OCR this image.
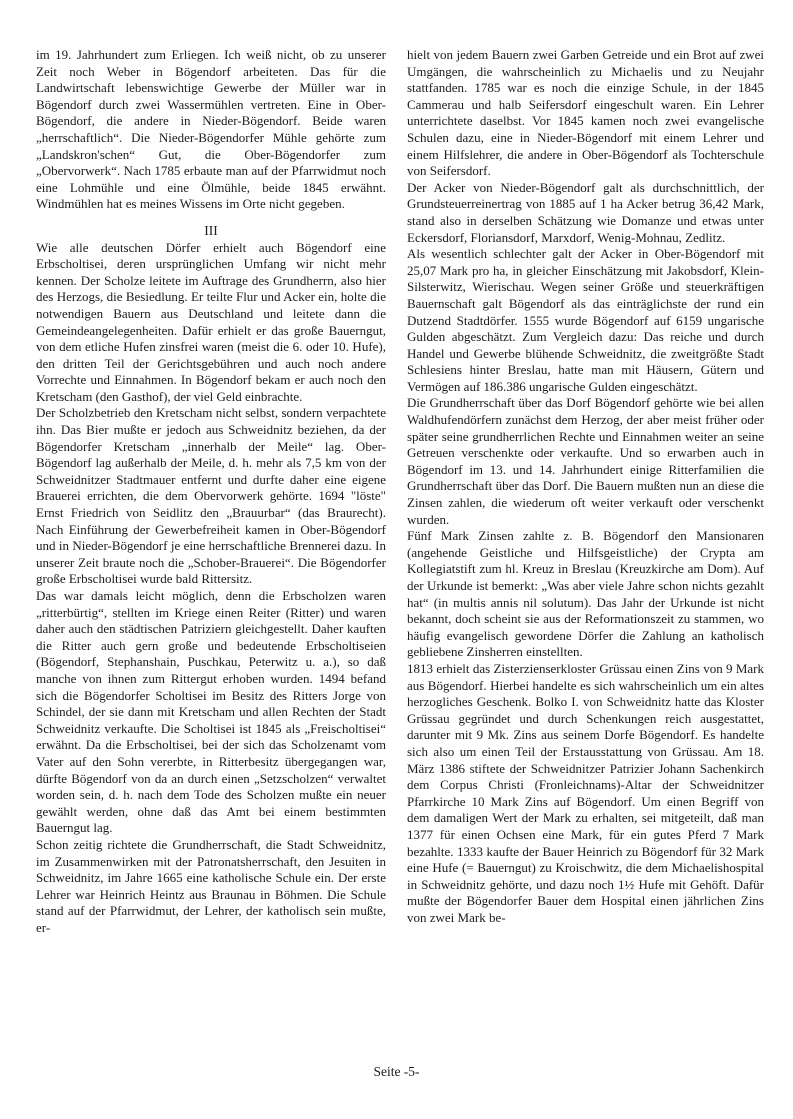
im 19. Jahrhundert zum Erliegen. Ich weiß nicht, ob zu unserer Zeit noch Weber in Bögendorf arbeiteten. Das für die Landwirtschaft lebenswichtige Gewerbe der Müller war in Bögendorf durch zwei Wassermühlen vertreten. Eine in Ober-Bögendorf, die andere in Nieder-Bögendorf. Beide waren „herrschaftlich“. Die Nieder-Bögendorfer Mühle gehörte zum „Landskron'schen“ Gut, die Ober-Bögendorfer zum „Obervorwerk“. Nach 1785 erbaute man auf der Pfarrwidmut noch eine Lohmühle und eine Ölmühle, beide 1845 erwähnt. Windmühlen hat es meines Wissens im Orte nicht gegeben.

III

Wie alle deutschen Dörfer erhielt auch Bögendorf eine Erbscholtisei, deren ursprünglichen Umfang wir nicht mehr kennen. Der Scholze leitete im Auftrage des Grundherrn, also hier des Herzogs, die Besiedlung. Er teilte Flur und Acker ein, holte die notwendigen Bauern aus Deutschland und leitete dann die Gemeindeangelegenheiten. Dafür erhielt er das große Bauerngut, von dem etliche Hufen zinsfrei waren (meist die 6. oder 10. Hufe), den dritten Teil der Gerichtsgebühren und auch noch andere Vorrechte und Einnahmen. In Bögendorf bekam er auch noch den Kretscham (den Gasthof), der viel Geld einbrachte.

Der Scholzbetrieb den Kretscham nicht selbst, sondern verpachtete ihn. Das Bier mußte er jedoch aus Schweidnitz beziehen, da der Bögendorfer Kretscham „innerhalb der Meile“ lag. Ober-Bögendorf lag außerhalb der Meile, d. h. mehr als 7,5 km von der Schweidnitzer Stadtmauer entfernt und durfte daher eine eigene Brauerei errichten, die dem Obervorwerk gehörte. 1694 "löste" Ernst Friedrich von Seidlitz den „Brauurbar“ (das Braurecht). Nach Einführung der Gewerbefreiheit kamen in Ober-Bögendorf und in Nieder-Bögendorf je eine herrschaftliche Brennerei dazu. In unserer Zeit braute noch die „Schober-Brauerei“. Die Bögendorfer große Erbscholtisei wurde bald Rittersitz.

Das war damals leicht möglich, denn die Erbscholzen waren „ritterbürtig“, stellten im Kriege einen Reiter (Ritter) und waren daher auch den städtischen Patriziern gleichgestellt. Daher kauften die Ritter auch gern große und bedeutende Erbscholtiseien (Bögendorf, Stephanshain, Puschkau, Peterwitz u. a.), so daß manche von ihnen zum Rittergut erhoben wurden. 1494 befand sich die Bögendorfer Scholtisei im Besitz des Ritters Jorge von Schindel, der sie dann mit Kretscham und allen Rechten der Stadt Schweidnitz verkaufte. Die Scholtisei ist 1845 als „Freischoltisei“ erwähnt. Da die Erbscholtisei, bei der sich das Scholzenamt vom Vater auf den Sohn vererbte, in Ritterbesitz übergegangen war, dürfte Bögendorf von da an durch einen „Setzscholzen“ verwaltet worden sein, d. h. nach dem Tode des Scholzen mußte ein neuer gewählt werden, ohne daß das Amt bei einem bestimmten Bauerngut lag.

Schon zeitig richtete die Grundherrschaft, die Stadt Schweidnitz, im Zusammenwirken mit der Patronatsherrschaft, den Jesuiten in Schweidnitz, im Jahre 1665 eine katholische Schule ein. Der erste Lehrer war Heinrich Heintz aus Braunau in Böhmen. Die Schule stand auf der Pfarrwidmut, der Lehrer, der katholisch sein mußte, er-

hielt von jedem Bauern zwei Garben Getreide und ein Brot auf zwei Umgängen, die wahrscheinlich zu Michaelis und zu Neujahr stattfanden. 1785 war es noch die einzige Schule, in der 1845 Cammerau und halb Seifersdorf eingeschult waren. Ein Lehrer unterrichtete daselbst. Vor 1845 kamen noch zwei evangelische Schulen dazu, eine in Nieder-Bögendorf mit einem Lehrer und einem Hilfslehrer, die andere in Ober-Bögendorf als Tochterschule von Seifersdorf.

Der Acker von Nieder-Bögendorf galt als durchschnittlich, der Grundsteuerreinertrag von 1885 auf 1 ha Acker betrug 36,42 Mark, stand also in derselben Schätzung wie Domanze und etwas unter Eckersdorf, Floriansdorf, Marxdorf, Wenig-Mohnau, Zedlitz.

Als wesentlich schlechter galt der Acker in Ober-Bögendorf mit 25,07 Mark pro ha, in gleicher Einschätzung mit Jakobsdorf, Klein-Silsterwitz, Wierischau. Wegen seiner Größe und steuerkräftigen Bauernschaft galt Bögendorf als das einträglichste der rund ein Dutzend Stadtdörfer. 1555 wurde Bögendorf auf 6159 ungarische Gulden abgeschätzt. Zum Vergleich dazu: Das reiche und durch Handel und Gewerbe blühende Schweidnitz, die zweitgrößte Stadt Schlesiens hinter Breslau, hatte man mit Häusern, Gütern und Vermögen auf 186.386 ungarische Gulden eingeschätzt.

Die Grundherrschaft über das Dorf Bögendorf gehörte wie bei allen Waldhufendörfern zunächst dem Herzog, der aber meist früher oder später seine grundherrlichen Rechte und Einnahmen weiter an seine Getreuen verschenkte oder verkaufte. Und so erwarben auch in Bögendorf im 13. und 14. Jahrhundert einige Ritterfamilien die Grundherrschaft über das Dorf. Die Bauern mußten nun an diese die Zinsen zahlen, die wiederum oft weiter verkauft oder verschenkt wurden.

Fünf Mark Zinsen zahlte z. B. Bögendorf den Mansionaren (angehende Geistliche und Hilfsgeistliche) der Crypta am Kollegiatstift zum hl. Kreuz in Breslau (Kreuzkirche am Dom). Auf der Urkunde ist bemerkt: „Was aber viele Jahre schon nichts gezahlt hat“ (in multis annis nil solutum). Das Jahr der Urkunde ist nicht bekannt, doch scheint sie aus der Reformationszeit zu stammen, wo häufig evangelisch gewordene Dörfer die Zahlung an katholisch gebliebene Zinsherren einstellten.

1813 erhielt das Zisterzienserkloster Grüssau einen Zins von 9 Mark aus Bögendorf. Hierbei handelte es sich wahrscheinlich um ein altes herzogliches Geschenk. Bolko I. von Schweidnitz hatte das Kloster Grüssau gegründet und durch Schenkungen reich ausgestattet, darunter mit 9 Mk. Zins aus seinem Dorfe Bögendorf. Es handelte sich also um einen Teil der Erstausstattung von Grüssau. Am 18. März 1386 stiftete der Schweidnitzer Patrizier Johann Sachenkirch dem Corpus Christi (Fronleichnams)-Altar der Schweidnitzer Pfarrkirche 10 Mark Zins auf Bögendorf. Um einen Begriff von dem damaligen Wert der Mark zu erhalten, sei mitgeteilt, daß man 1377 für einen Ochsen eine Mark, für ein gutes Pferd 7 Mark bezahlte. 1333 kaufte der Bauer Heinrich zu Bögendorf für 32 Mark eine Hufe (= Bauerngut) zu Kroischwitz, die dem Michaelishospital in Schweidnitz gehörte, und dazu noch 1½ Hufe mit Gehöft. Dafür mußte der Bögendorfer Bauer dem Hospital einen jährlichen Zins von zwei Mark be-

Seite -5-
